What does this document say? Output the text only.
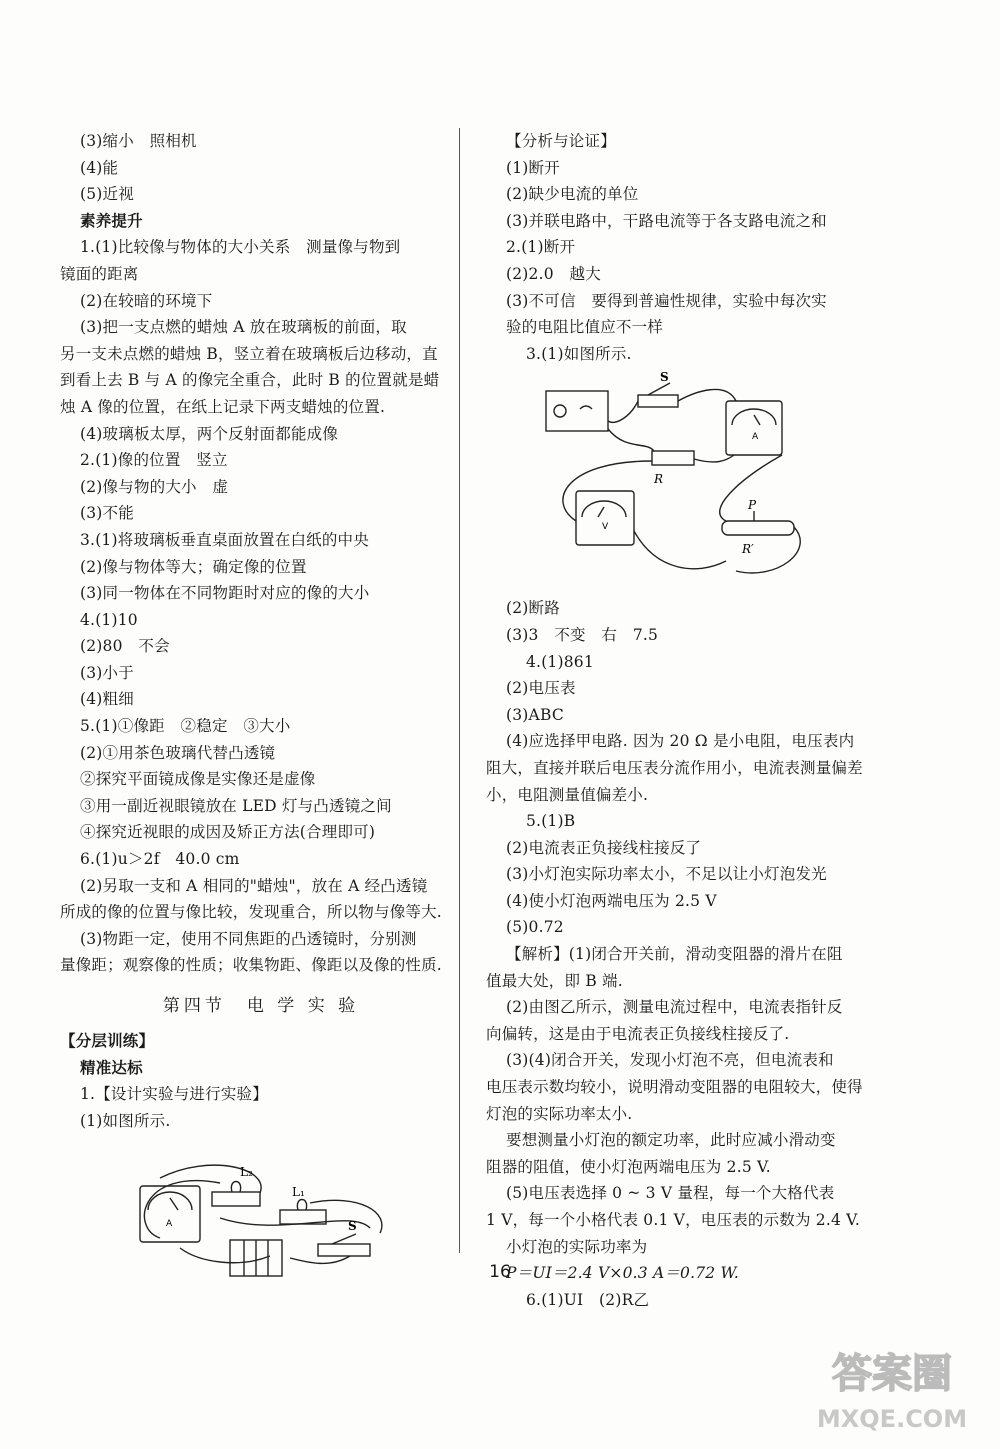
(3)缩小　照相机
(4)能
(5)近视
素养提升
1.(1)比较像与物体的大小关系　测量像与物到
镜面的距离
(2)在较暗的环境下
(3)把一支点燃的蜡烛 A 放在玻璃板的前面，取
另一支未点燃的蜡烛 B，竖立着在玻璃板后边移动，直
到看上去 B 与 A 的像完全重合，此时 B 的位置就是蜡
烛 A 像的位置，在纸上记录下两支蜡烛的位置.
(4)玻璃板太厚，两个反射面都能成像
2.(1)像的位置　竖立
(2)像与物的大小　虚
(3)不能
3.(1)将玻璃板垂直桌面放置在白纸的中央
(2)像与物体等大；确定像的位置
(3)同一物体在不同物距时对应的像的大小
4.(1)10
(2)80　不会
(3)小于
(4)粗细
5.(1)①像距　②稳定　③大小
(2)①用茶色玻璃代替凸透镜
②探究平面镜成像是实像还是虚像
③用一副近视眼镜放在 LED 灯与凸透镜之间
④探究近视眼的成因及矫正方法(合理即可)
6.(1)u＞2f　40.0 cm
(2)另取一支和 A 相同的"蜡烛"，放在 A 经凸透镜
所成的像的位置与像比较，发现重合，所以物与像等大.
(3)物距一定，使用不同焦距的凸透镜时，分别测
量像距；观察像的性质；收集物距、像距以及像的性质.
第四节　电 学 实 验
【分层训练】
精准达标
1.【设计实验与进行实验】
(1)如图所示.
L₂
L₁
S
A
【分析与论证】
(1)断开
(2)缺少电流的单位
(3)并联电路中，干路电流等于各支路电流之和
2.(1)断开
(2)2.0　越大
(3)不可信　要得到普遍性规律，实验中每次实
验的电阻比值应不一样
3.(1)如图所示.
S
R
P
R′
V
A
(2)断路
(3)3　不变　右　7.5
4.(1)861
(2)电压表
(3)ABC
(4)应选择甲电路. 因为 20 Ω 是小电阻，电压表内
阻大，直接并联后电压表分流作用小，电流表测量偏差
小，电阻测量值偏差小.
5.(1)B
(2)电流表正负接线柱接反了
(3)小灯泡实际功率太小，不足以让小灯泡发光
(4)使小灯泡两端电压为 2.5 V
(5)0.72
【解析】(1)闭合开关前，滑动变阻器的滑片在阻
值最大处，即 B 端.
(2)由图乙所示，测量电流过程中，电流表指针反
向偏转，这是由于电流表正负接线柱接反了.
(3)(4)闭合开关，发现小灯泡不亮，但电流表和
电压表示数均较小，说明滑动变阻器的电阻较大，使得
灯泡的实际功率太小.
要想测量小灯泡的额定功率，此时应减小滑动变
阻器的阻值，使小灯泡两端电压为 2.5 V.
(5)电压表选择 0 ~ 3 V 量程，每一个大格代表
1 V，每一个小格代表 0.1 V，电压表的示数为 2.4 V.
小灯泡的实际功率为
P＝UI＝2.4 V×0.3 A＝0.72 W.
6.(1)UI　(2)R乙
16
答案圈
MXQE.COM
